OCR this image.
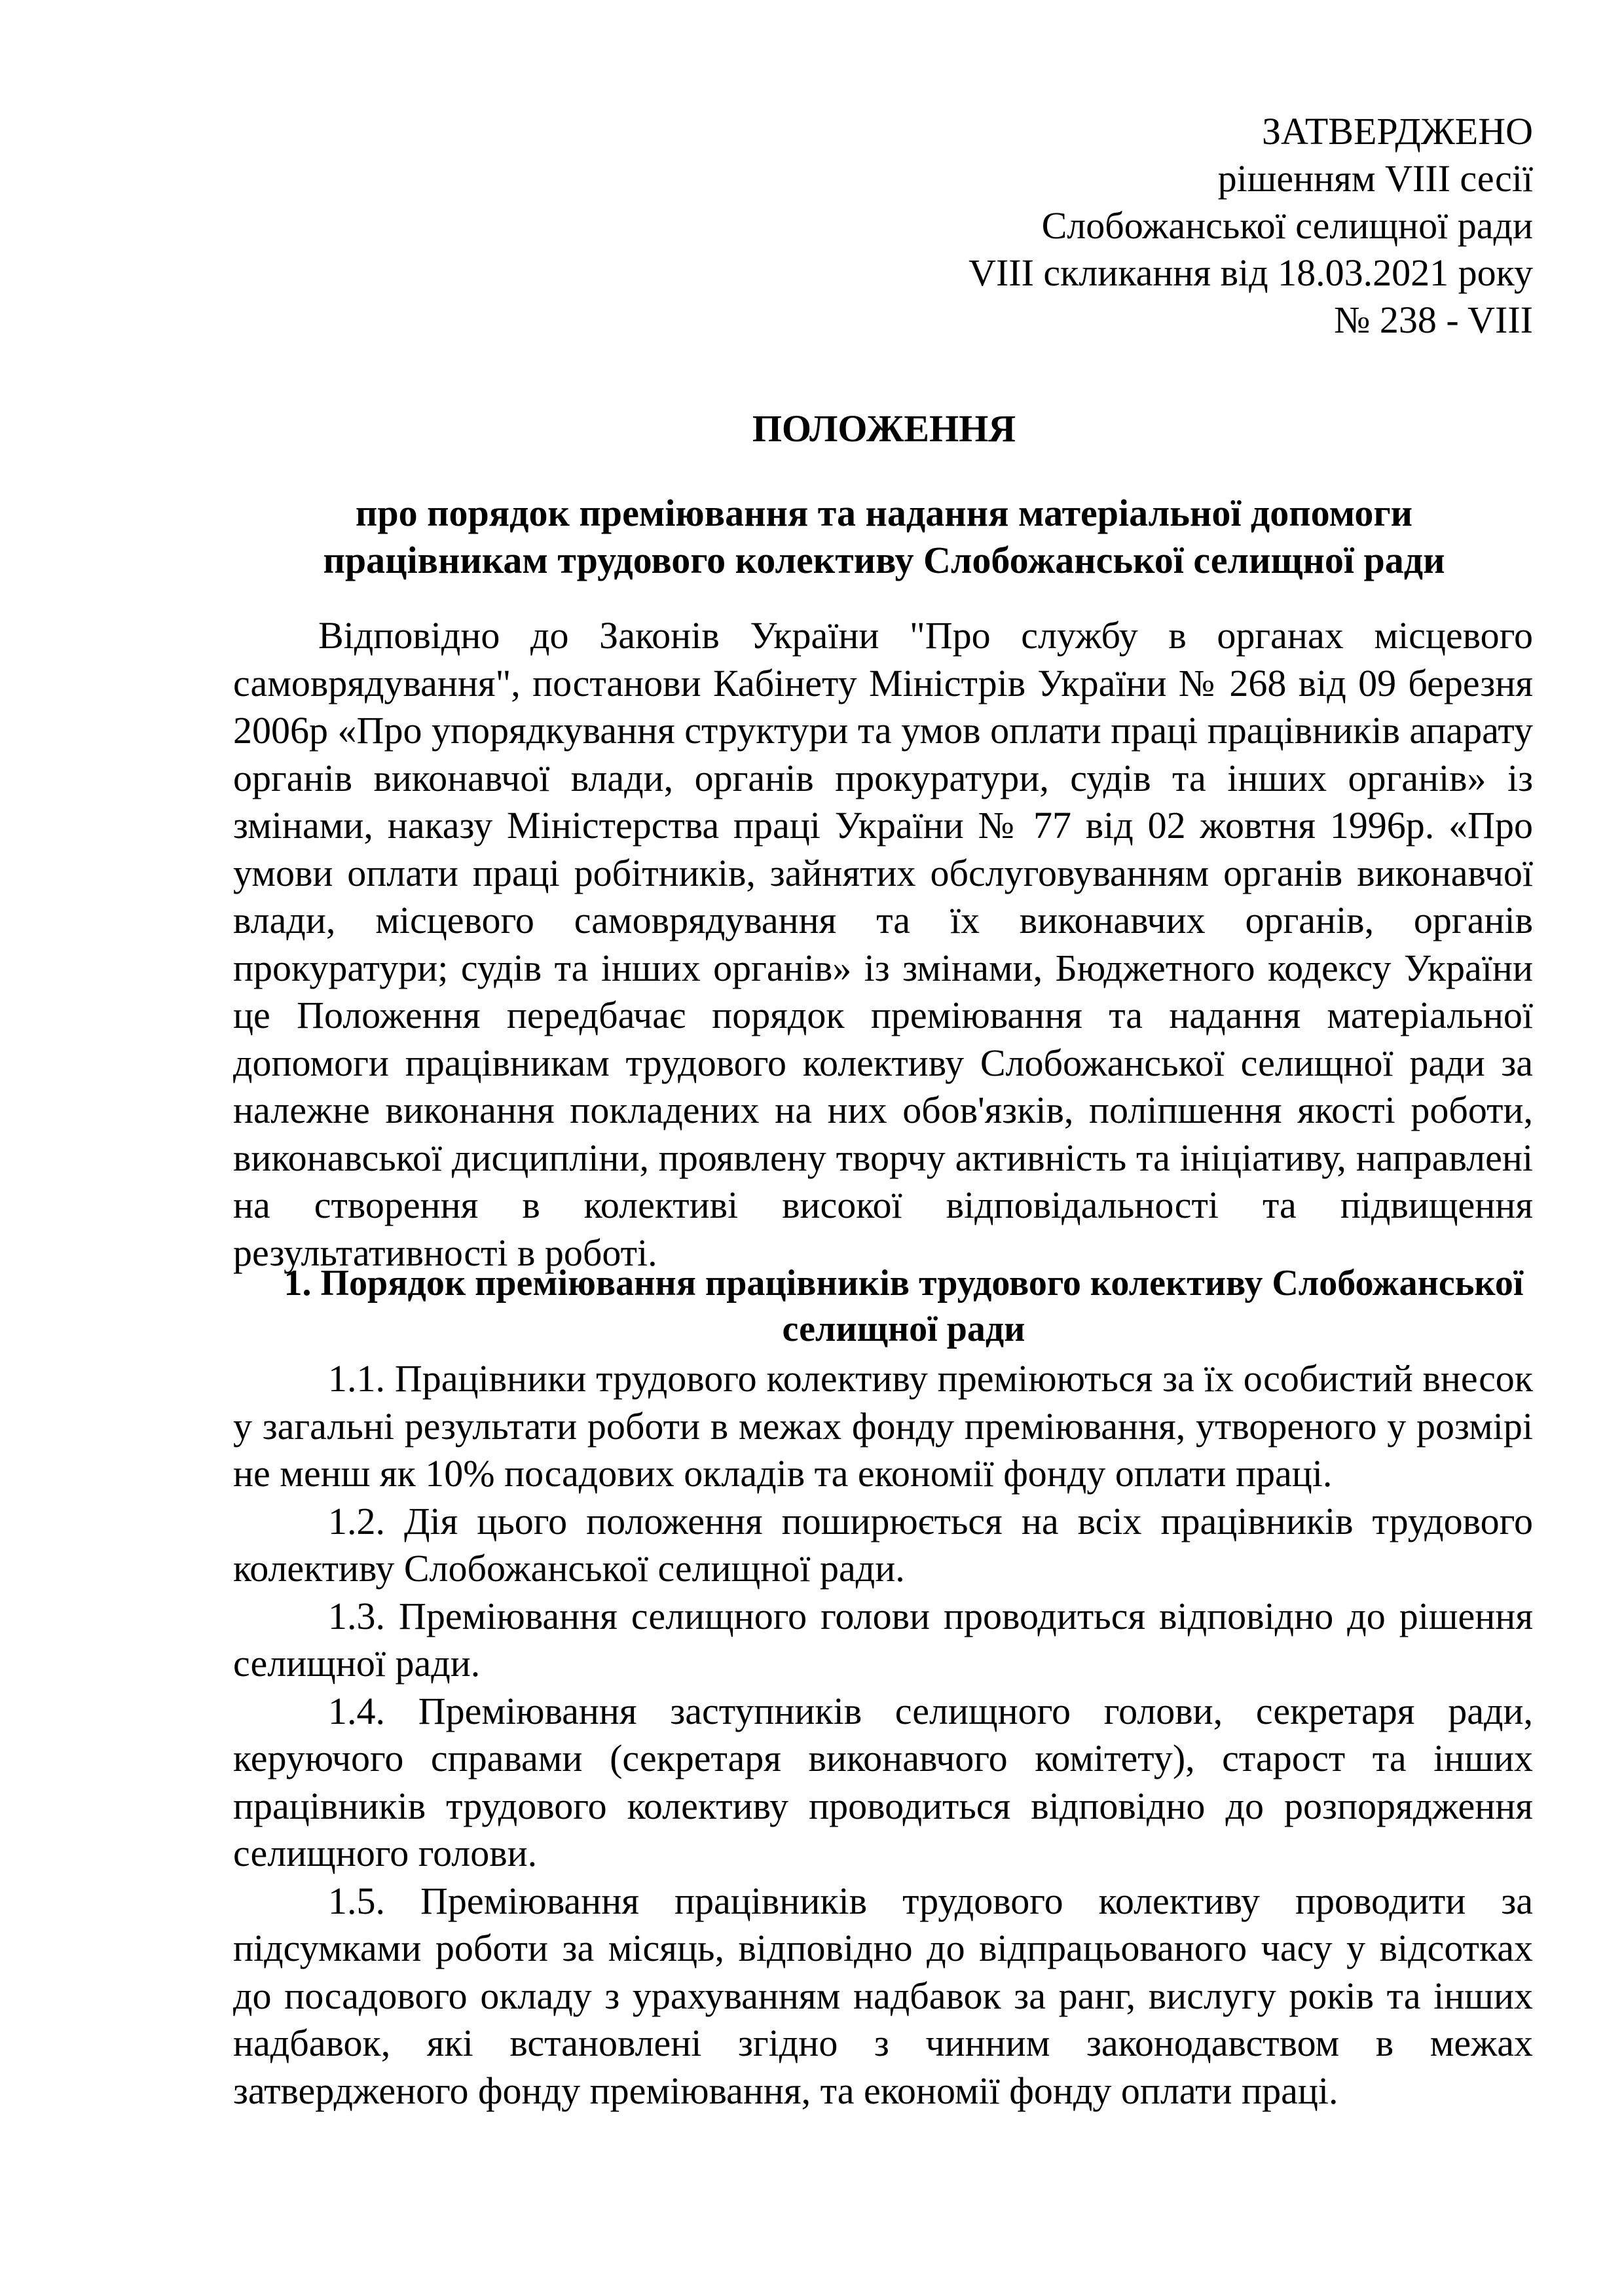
ЗАТВЕРДЖЕНО
рішенням VIII сесії
Слобожанської селищної ради
VIII скликання від 18.03.2021 року
№ 238 - VIII
ПОЛОЖЕННЯ
про порядок преміювання та надання матеріальної допомоги
працівникам трудового колективу Слобожанської селищної ради

Відповідно до Законів України "Про службу в органах місцевого самоврядування", постанови Кабінету Міністрів України № 268 від 09 березня 2006р «Про упорядкування структури та умов оплати праці працівників апарату органів виконавчої влади, органів прокуратури, судів та інших органів» із змінами, наказу Міністерства праці України № 77 від 02 жовтня 1996р. «Про умови оплати праці робітників, зайнятих обслуговуванням органів виконавчої влади, місцевого самоврядування та їх виконавчих органів, органів прокуратури; судів та інших органів» із змінами, Бюджетного кодексу України це Положення передбачає порядок преміювання та надання матеріальної допомоги працівникам трудового колективу Слобожанської селищної ради за належне виконання покладених на них обов'язків, поліпшення якості роботи, виконавської дисципліни, проявлену творчу активність та ініціативу, направлені на створення в колективі високої відповідальності та підвищення результативності в роботі.

1. Порядок преміювання працівників трудового колективу Слобожанської селищної ради

1.1. Працівники трудового колективу преміюються за їх особистий внесок у загальні результати роботи в межах фонду преміювання, утвореного у розмірі не менш як 10% посадових окладів та економії фонду оплати праці.

1.2. Дія цього положення поширюється на всіх працівників трудового колективу Слобожанської селищної ради.

1.3. Преміювання селищного голови проводиться відповідно до рішення селищної ради.

1.4. Преміювання заступників селищного голови, секретаря ради, керуючого справами (секретаря виконавчого комітету), старост та інших працівників трудового колективу проводиться відповідно до розпорядження селищного голови.

1.5. Преміювання працівників трудового колективу проводити за підсумками роботи за місяць, відповідно до відпрацьованого часу у відсотках до посадового окладу з урахуванням надбавок за ранг, вислугу років та інших надбавок, які встановлені згідно з чинним законодавством в межах затвердженого фонду преміювання, та економії фонду оплати праці.
